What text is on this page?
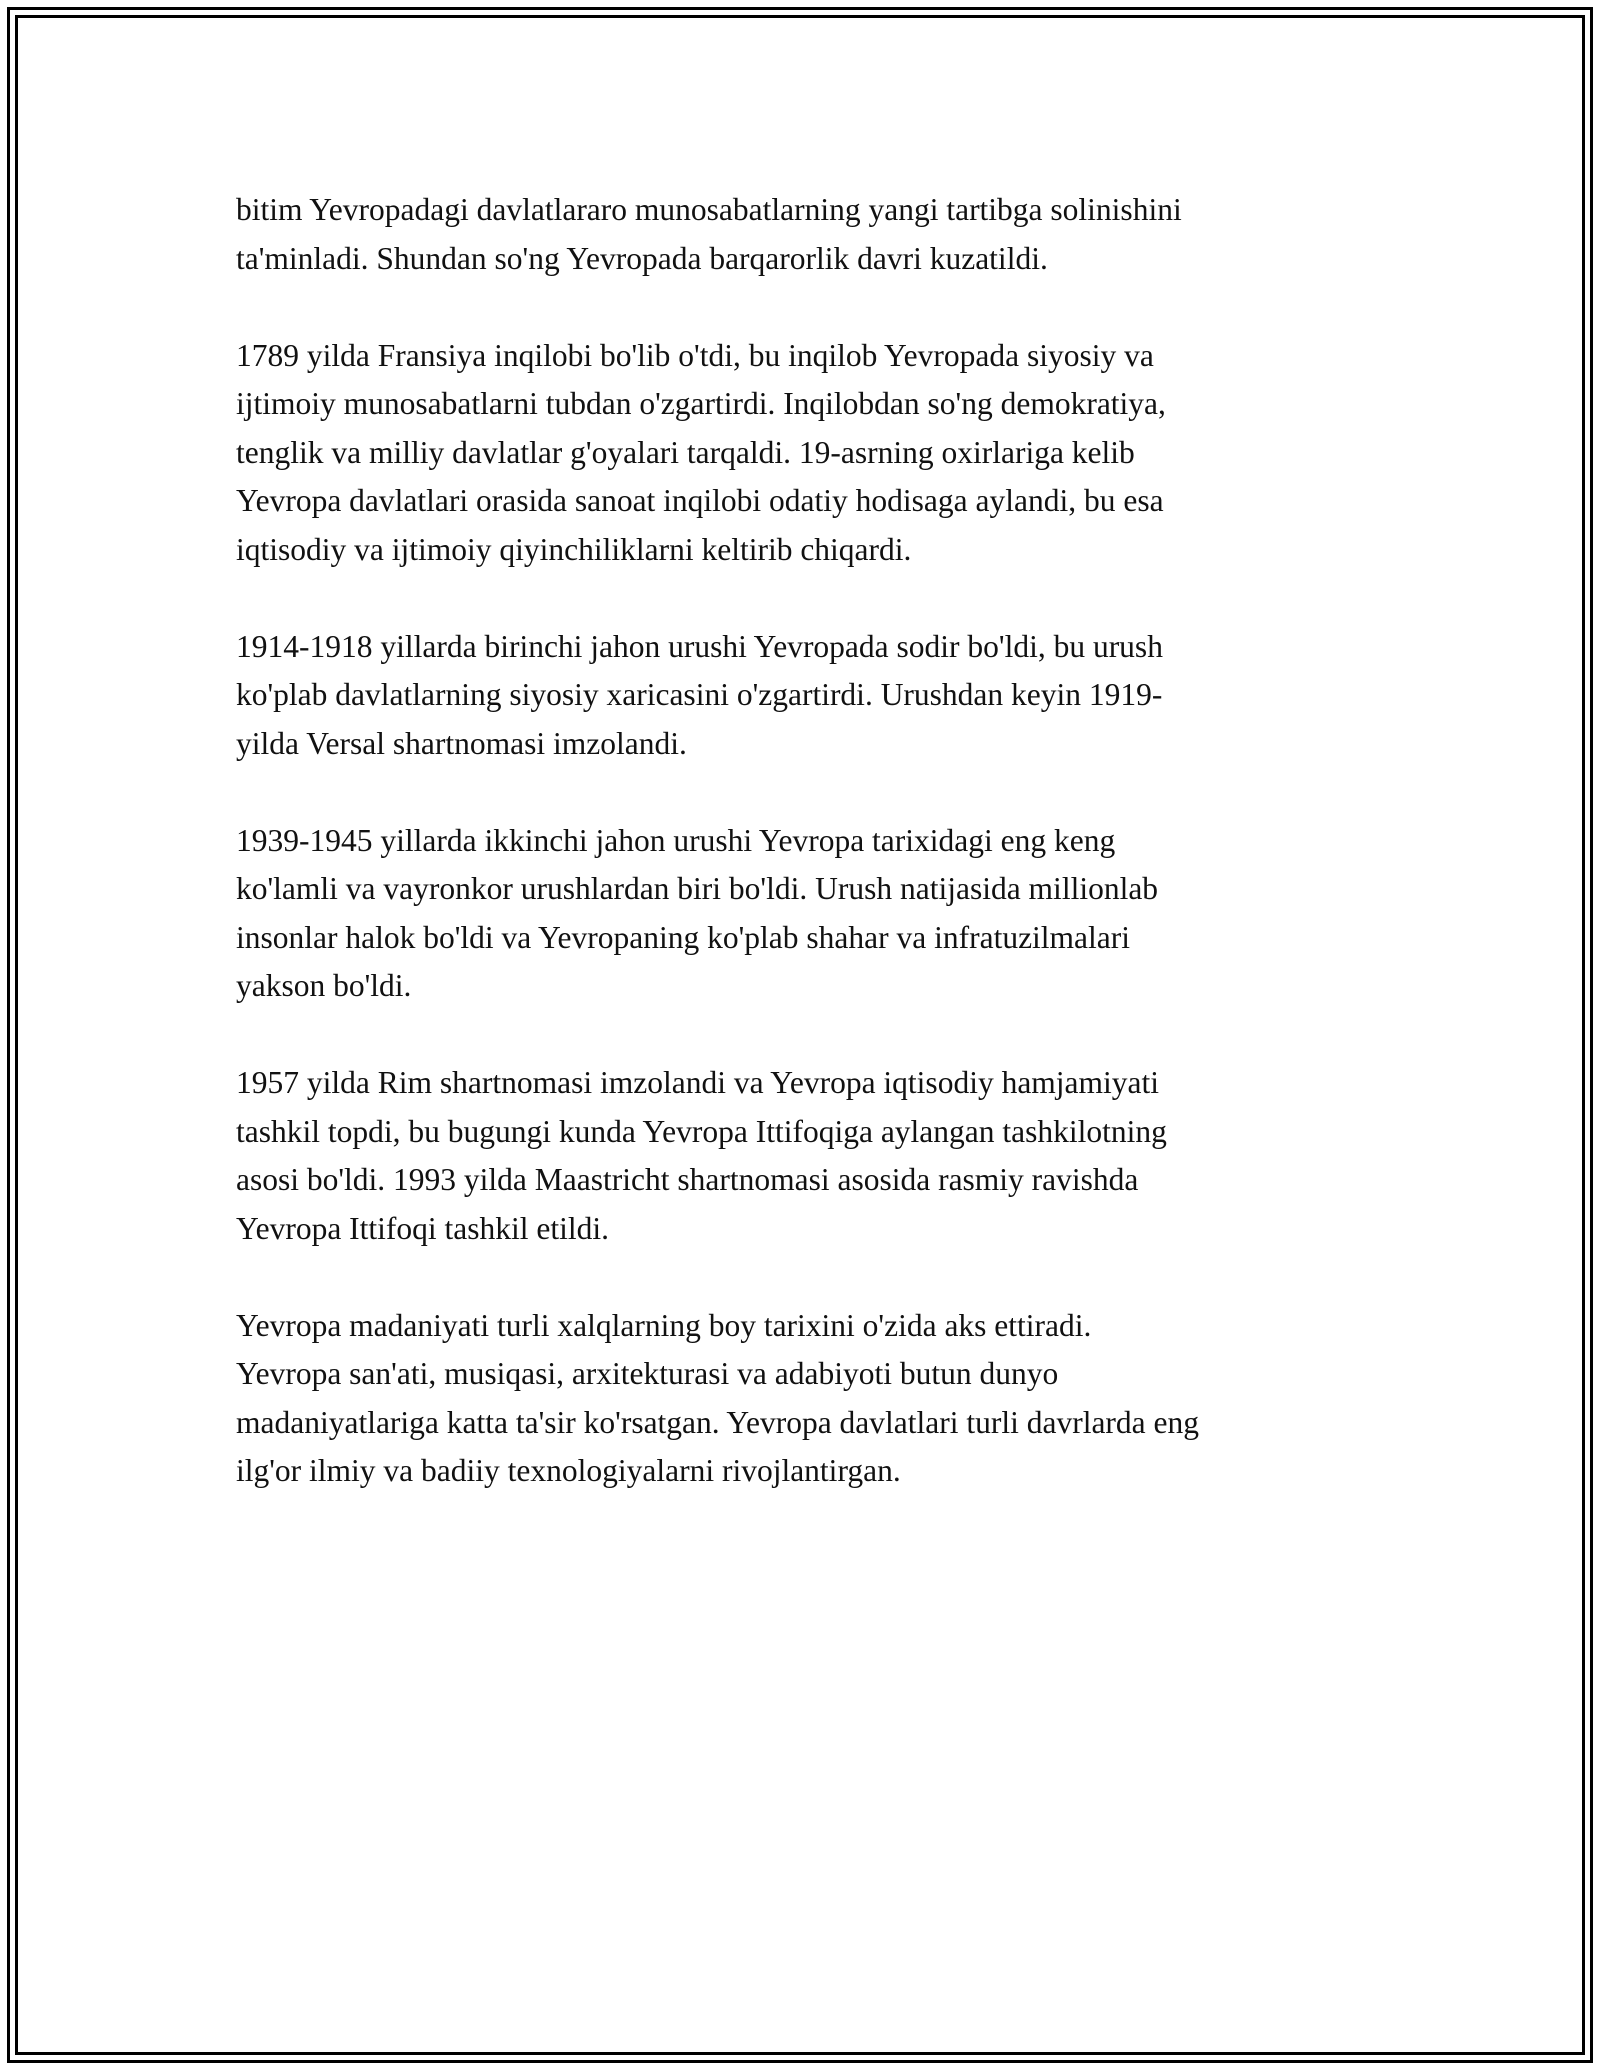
bitim Yevropadagi davlatlararo munosabatlarning yangi tartibga solinishini
ta'minladi. Shundan so'ng Yevropada barqarorlik davri kuzatildi.

1789 yilda Fransiya inqilobi bo'lib o'tdi, bu inqilob Yevropada siyosiy va
ijtimoiy munosabatlarni tubdan o'zgartirdi. Inqilobdan so'ng demokratiya,
tenglik va milliy davlatlar g'oyalari tarqaldi. 19-asrning oxirlariga kelib
Yevropa davlatlari orasida sanoat inqilobi odatiy hodisaga aylandi, bu esa
iqtisodiy va ijtimoiy qiyinchiliklarni keltirib chiqardi.

1914-1918 yillarda birinchi jahon urushi Yevropada sodir bo'ldi, bu urush
ko'plab davlatlarning siyosiy xaricasini o'zgartirdi. Urushdan keyin 1919-
yilda Versal shartnomasi imzolandi.

1939-1945 yillarda ikkinchi jahon urushi Yevropa tarixidagi eng keng
ko'lamli va vayronkor urushlardan biri bo'ldi. Urush natijasida millionlab
insonlar halok bo'ldi va Yevropaning ko'plab shahar va infratuzilmalari
yakson bo'ldi.

1957 yilda Rim shartnomasi imzolandi va Yevropa iqtisodiy hamjamiyati
tashkil topdi, bu bugungi kunda Yevropa Ittifoqiga aylangan tashkilotning
asosi bo'ldi. 1993 yilda Maastricht shartnomasi asosida rasmiy ravishda
Yevropa Ittifoqi tashkil etildi.

Yevropa madaniyati turli xalqlarning boy tarixini o'zida aks ettiradi.
Yevropa san'ati, musiqasi, arxitekturasi va adabiyoti butun dunyo
madaniyatlariga katta ta'sir ko'rsatgan. Yevropa davlatlari turli davrlarda eng
ilg'or ilmiy va badiiy texnologiyalarni rivojlantirgan.
